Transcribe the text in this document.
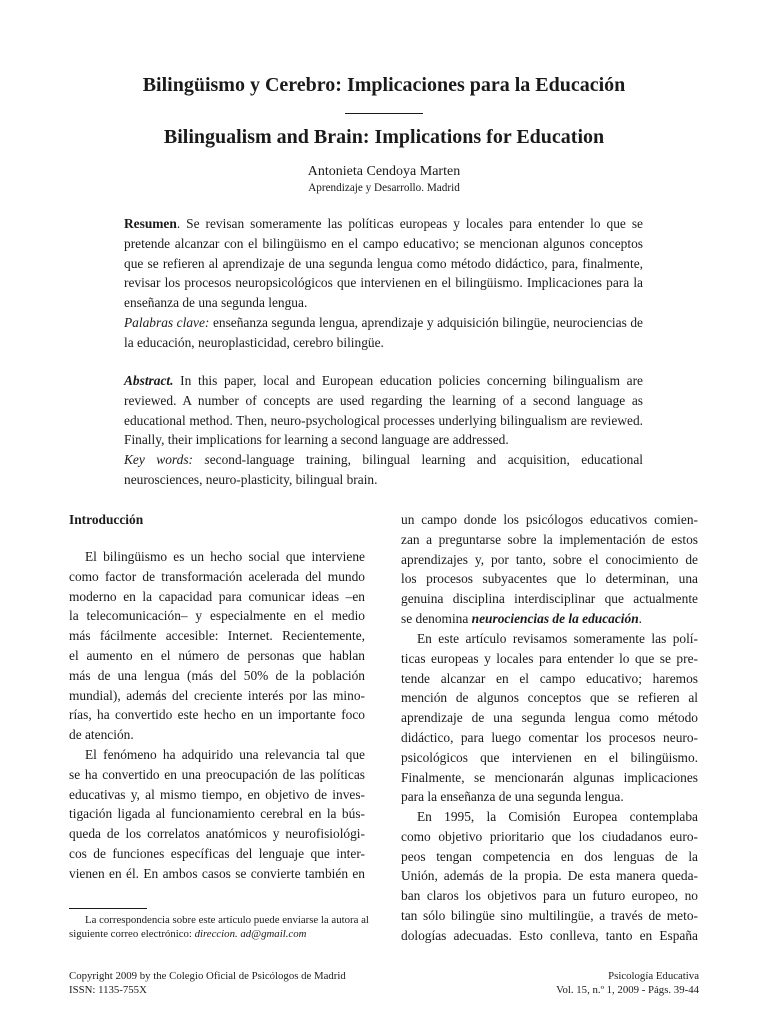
Bilingüismo y Cerebro: Implicaciones para la Educación
Bilingualism and Brain: Implications for Education
Antonieta Cendoya Marten
Aprendizaje y Desarrollo. Madrid
Resumen. Se revisan someramente las políticas europeas y locales para entender lo que se pretende alcanzar con el bilingüismo en el campo educativo; se mencionan algunos conceptos que se refieren al aprendizaje de una segunda lengua como método didáctico, para, finalmente, revisar los procesos neuropsicológicos que intervienen en el bilingüismo. Implicaciones para la enseñanza de una segunda lengua.
Palabras clave: enseñanza segunda lengua, aprendizaje y adquisición bilingüe, neurociencias de la educación, neuroplasticidad, cerebro bilingüe.
Abstract. In this paper, local and European education policies concerning bilingualism are reviewed. A number of concepts are used regarding the learning of a second language as educational method. Then, neuro-psychological processes underlying bilingualism are reviewed. Finally, their implications for learning a second language are addressed.
Key words: second-language training, bilingual learning and acquisition, educational neurosciences, neuro-plasticity, bilingual brain.
Introducción
El bilingüismo es un hecho social que interviene
como factor de transformación acelerada del mundo
moderno en la capacidad para comunicar ideas –en
la telecomunicación– y especialmente en el medio
más fácilmente accesible: Internet. Recientemente,
el aumento en el número de personas que hablan
más de una lengua (más del 50% de la población
mundial), además del creciente interés por las mino-
rías, ha convertido este hecho en un importante foco
de atención.
El fenómeno ha adquirido una relevancia tal que
se ha convertido en una preocupación de las políticas
educativas y, al mismo tiempo, en objetivo de inves-
tigación ligada al funcionamiento cerebral en la bús-
queda de los correlatos anatómicos y neurofisiológi-
cos de funciones específicas del lenguaje que inter-
vienen en él. En ambos casos se convierte también en
La correspondencia sobre este artículo puede enviarse la autora al
siguiente correo electrónico: direccion. ad@gmail.com
un campo donde los psicólogos educativos comien-
zan a preguntarse sobre la implementación de estos
aprendizajes y, por tanto, sobre el conocimiento de
los procesos subyacentes que lo determinan, una
genuina disciplina interdisciplinar que actualmente
se denomina neurociencias de la educación.
En este artículo revisamos someramente las polí-
ticas europeas y locales para entender lo que se pre-
tende alcanzar en el campo educativo; haremos
mención de algunos conceptos que se refieren al
aprendizaje de una segunda lengua como método
didáctico, para luego comentar los procesos neuro-
psicológicos que intervienen en el bilingüismo.
Finalmente, se mencionarán algunas implicaciones
para la enseñanza de una segunda lengua.
En 1995, la Comisión Europea contemplaba
como objetivo prioritario que los ciudadanos euro-
peos tengan competencia en dos lenguas de la
Unión, además de la propia. De esta manera queda-
ban claros los objetivos para un futuro europeo, no
tan sólo bilingüe sino multilingüe, a través de meto-
dologías adecuadas. Esto conlleva, tanto en España
Copyright 2009 by the Colegio Oficial de Psicólogos de Madrid
ISSN: 1135-755X
Psicología Educativa
Vol. 15, n.º 1, 2009 - Págs. 39-44
